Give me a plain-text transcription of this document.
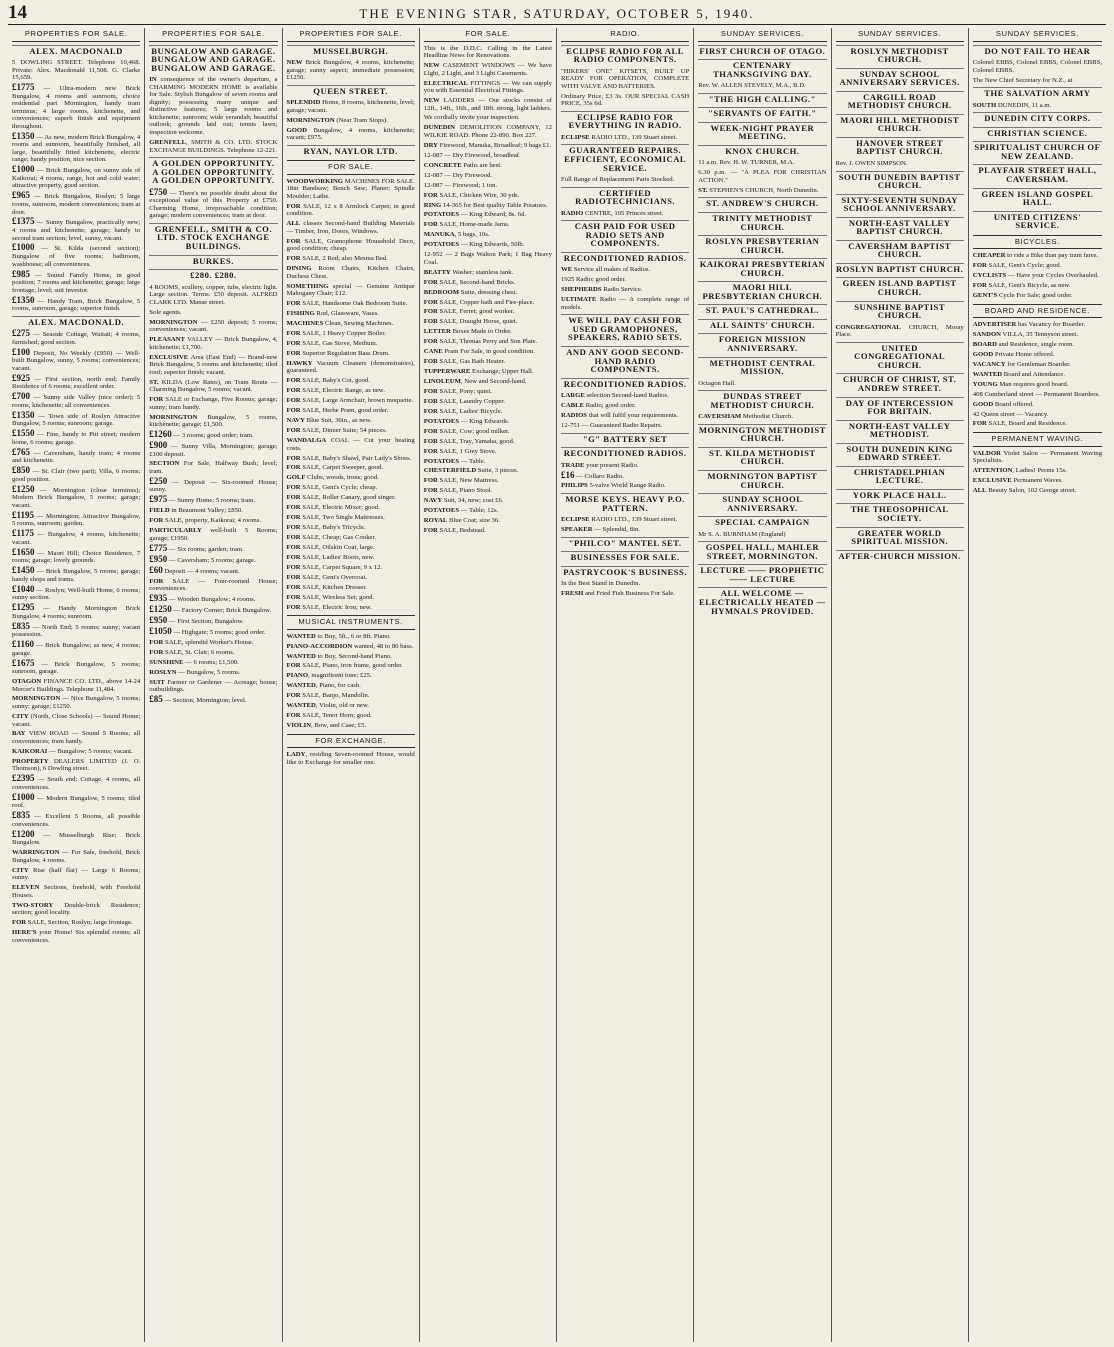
14	THE EVENING STAR, SATURDAY, OCTOBER 5, 1940.
PROPERTIES FOR SALE.

ALEX. MACDONALD

5 DOWLING STREET. Telephone 10,468. Private: Alex. Macdonald 11,508. G. Clarke 15,659.

£1775 — Ultra-modern new Brick Bungalow, 4 rooms and sunroom, choice residential part Mornington, handy tram terminus; 4 large rooms, kitchenette, and conveniences; superb finish and equipment throughout.

£1350 — As new, modern Brick Bungalow, 4 rooms and sunroom, beautifully finished, all large, beautifully fitted kitchenette, electric range; handy position, nice section.

£1000 — Brick Bungalow, on sunny side of Kaikorai; 4 rooms, range, hot and cold water; attractive property, good section.

£965 — Brick Bungalow, Roslyn; 5 large rooms, sunroom, modern conveniences; tram at door.

£1375 — Sunny Bungalow, practically new; 4 rooms and kitchenette; garage; handy to second tram section; level, sunny, vacant.

£1000 — St. Kilda (second section); Bungalow of five rooms; bathroom, washhouse; all conveniences.

£985 — Sound Family Home, in good position; 7 rooms and kitchenette; garage; large frontage; level; suit investor.

£1350 — Handy Tram, Brick Bungalow, 5 rooms, sunroom, garage; superior finish.

ALEX. MACDONALD.

£275 — Seaside Cottage, Waitati; 4 rooms, furnished; good section.

£100 Deposit, No Weekly (£950) — Well-built Bungalow, sunny, 5 rooms; conveniences; vacant.

£925 — First section, north end; Family Residence of 6 rooms; excellent order.

£700 — Sunny side Valley (nice order); 5 rooms, kitchenette; all conveniences.

£1350 — Town side of Roslyn Attractive Bungalow, 5 rooms; sunroom; garage.

£1550 — Fine, handy to Pitt street; modern home, 6 rooms; garage.

£765 — Caversham, handy tram; 4 rooms and kitchenette.

£850 — St. Clair (two part); Villa, 6 rooms; good position.

£1250 — Mornington (close terminus); Modern Brick Bungalow, 5 rooms; garage; vacant.

£1195 — Mornington; Attractive Bungalow, 5 rooms, sunroom; garden.

£1175 — Bungalow, 4 rooms, kitchenette; vacant.

£1650 — Maori Hill; Choice Residence, 7 rooms; garage; lovely grounds.

£1450 — Brick Bungalow, 5 rooms; garage; handy shops and trams.

£1040 — Roslyn; Well-built Home, 6 rooms; sunny section.

£1295 — Handy Mornington Brick Bungalow, 4 rooms; sunroom.

£835 — North End; 5 rooms; sunny; vacant possession.

£1160 — Brick Bungalow; as new, 4 rooms; garage.

£1675 — Brick Bungalow, 5 rooms; sunroom, garage.

OTAGON FINANCE CO. LTD., above 14-24 Mercer's Buildings. Telephone 11,484.

MORNINGTON — Nice Bungalow, 5 rooms; sunny; garage; £1250.

CITY (North, Close Schools) — Sound Home; vacant.

BAY VIEW ROAD — Sound 5 Rooms; all conveniences; tram handy.

KAIKORAI — Bungalow; 5 rooms; vacant.

PROPERTY DEALERS LIMITED (J. O. Thomson), 6 Dowling street.

£2395 — South end; Cottage, 4 rooms, all conveniences.

£1000 — Modern Bungalow, 5 rooms; tiled roof.

£835 — Excellent 5 Rooms, all possible conveniences.

£1200 — Musselburgh Rise; Brick Bungalow.

WARRINGTON — For Sale, freehold, Brick Bungalow, 4 rooms.

CITY Rise (half flat) — Large 6 Rooms; sunny.

ELEVEN Sections, freehold, with Freehold Houses.

TWO-STORY Double-brick Residence; section; good locality.

FOR SALE, Section, Roslyn; large frontage.

HERE'S your Home! Six splendid rooms; all conveniences.

PROPERTIES FOR SALE.

BUNGALOW AND GARAGE. BUNGALOW AND GARAGE. BUNGALOW AND GARAGE.

IN consequence of the owner's departure, a CHARMING MODERN HOME is available for Sale. Stylish Bungalow of seven rooms and dignity; possessing many unique and distinctive features; 5 large rooms and kitchenette; sunroom; wide verandah; beautiful outlook; grounds laid out; tennis lawn; inspection welcome.

GRENFELL, SMITH & CO. LTD. STOCK EXCHANGE BUILDINGS. Telephone 12-221.

A GOLDEN OPPORTUNITY. A GOLDEN OPPORTUNITY. A GOLDEN OPPORTUNITY.

£750 — There's no possible doubt about the exceptional value of this Property at £750. Charming Home, irreproachable condition; garage; modern conveniences; tram at door.

GRENFELL, SMITH & CO. LTD. STOCK EXCHANGE BUILDINGS.

BURKES.

£280. £280.

4 ROOMS, scullery, copper, tubs, electric light. Large section. Terms. £50 deposit. ALFRED CLARK LTD. Manse street.

Sole agents.

MORNINGTON — £250 deposit; 5 rooms; conveniences; vacant.

PLEASANT VALLEY — Brick Bungalow, 4, kitchenette; £1,700.

EXCLUSIVE Area (East End) — Brand-new Brick Bungalow, 5 rooms and kitchenette; tiled roof; superior finish; vacant.

ST. KILDA (Low Rates), on Tram Route — Charming Bungalow, 5 rooms; vacant.

FOR SALE or Exchange, Five Rooms; garage; sunny; tram handy.

MORNINGTON Bungalow, 5 rooms, kitchenette; garage; £1,500.

£1260 — 3 rooms; good order; tram.

£900 — Sunny Villa, Mornington; garage; £100 deposit.

SECTION For Sale, Halfway Bush; level; tram.

£250 — Deposit — Six-roomed House; sunny.

£975 — Sunny Home; 5 rooms; tram.

FIELD in Beaumont Valley; £850.

FOR SALE, property, Kaikorai; 4 rooms.

PARTICULARLY well-built 5 Rooms; garage; £1950.

£775 — Six rooms; garden; tram.

£950 — Caversham; 5 rooms; garage.

£60 Deposit — 4 rooms; vacant.

FOR SALE — Four-roomed House; conveniences.

£935 — Wooden Bungalow; 4 rooms.

£1250 — Factory Corner; Brick Bungalow.

£950 — First Section; Bungalow.

£1050 — Highgate; 5 rooms; good order.

FOR SALE, splendid Worker's House.

FOR SALE, St. Clair; 6 rooms.

SUNSHINE — 6 rooms; £1,500.

ROSLYN — Bungalow, 5 rooms.

SUIT Farmer or Gardener — Acreage; house; outbuildings.

£85 — Section; Mornington; level.

PROPERTIES FOR SALE.

MUSSELBURGH.

NEW Brick Bungalow, 4 rooms, kitchenette; garage; sunny aspect; immediate possession; £1250.

QUEEN STREET.

SPLENDID Home, 8 rooms, kitchenette, level; garage; vacant.

MORNINGTON (Near Tram Stops).

GOOD Bungalow, 4 rooms, kitchenette; vacant; £975.

RYAN, NAYLOR LTD.

FOR SALE.

WOODWORKING MACHINES FOR SALE. 18in Bandsaw; Bench Saw; Planer; Spindle Moulder; Lathe.

FOR SALE, 12 x 8 Armlock Carpet; in good condition.

ALL classes Second-hand Building Materials — Timber, Iron, Doors, Windows.

FOR SALE, Gramophone Household Deco, good condition; cheap.

FOR SALE, 2 Red; also Mesma Bed.

DINING Room Chairs, Kitchen Chairs, Duchess Chest.

SOMETHING special — Genuine Antique Mahogany Chair; £12.

FOR SALE, Handsome Oak Bedroom Suite.

FISHING Rod, Glassware, Vases.

MACHINES Clean, Sewing Machines.

FOR SALE, 1 Heavy Copper Boiler.

FOR SALE, Gas Stove, Medium.

FOR Superior Regulation Bass Drum.

HAWKY Vacuum Cleaners (demonstrators), guaranteed.

FOR SALE, Baby's Cot, good.

FOR SALE, Electric Range, as new.

FOR SALE, Large Armchair, brown moquette.

FOR SALE, Herbe Pram, good order.

NAVY Blue Suit, 36in., as new.

FOR SALE, Dinner Suite; 54 pieces.

WANDALGA COAL — Cut your heating costs.

FOR SALE, Baby's Shawl, Pair Lady's Shoes.

FOR SALE, Carpet Sweeper, good.

GOLF Clubs, woods, irons; good.

FOR SALE, Gent's Cycle; cheap.

FOR SALE, Roller Canary, good singer.

FOR SALE, Electric Mixer; good.

FOR SALE, Two Single Mattresses.

FOR SALE, Baby's Tricycle.

FOR SALE, Cheap; Gas Cooker.

FOR SALE, Oilskin Coat, large.

FOR SALE, Ladies' Boots, new.

FOR SALE, Carpet Square, 9 x 12.

FOR SALE, Gent's Overcoat.

FOR SALE, Kitchen Dresser.

FOR SALE, Wireless Set; good.

FOR SALE, Electric Iron; new.

MUSICAL INSTRUMENTS.

WANTED to Buy, 5ft., 6 or 8ft. Piano.

PIANO-ACCORDION wanted, 48 to 80 bass.

WANTED to Buy, Second-hand Piano.

FOR SALE, Piano, iron frame, good order.

PIANO, magnificent tone; £25.

WANTED, Piano, for cash.

FOR SALE, Banjo, Mandolin.

WANTED, Violin, old or new.

FOR SALE, Tenor Horn; good.

VIOLIN, Bow, and Case; £5.

FOR EXCHANGE.

LADY, residing Seven-roomed House, would like to Exchange for smaller one.

FOR SALE.

This is the D.D.C. Calling in the Latest Headline News for Renovations.

NEW CASEMENT WINDOWS — We have Light, 2 Light, and 3 Light Casements.

ELECTRICAL FITTINGS — We can supply you with Essential Electrical Fittings.

NEW LADDERS — Our stocks consist of 12ft., 14ft., 16ft., and 18ft. strong, light ladders.

We cordially invite your inspection.

DUNEDIN DEMOLITION COMPANY, 12 WILKIE ROAD. Phone 22-890. Box 227.

DRY Firewood, Manuka, Broadleaf; 9 bags £1.

12-087 — Dry Firewood, broadleaf.

CONCRETE Paths are best.

12-087 — Dry Firewood.

12-087 — Firewood; 1 ton.

FOR SALE, Chicken Wire, 30 yds.

RING 14-365 for Best quality Table Potatoes.

POTATOES — King Edward; 8s. 6d.

FOR SALE, Home-made Jams.

MANUKA, 5 bags, 10s.

POTATOES — King Edwards, 50lb.

12-952 — 2 Bags Walton Park; 1 Bag Heavy Coal.

BEATTY Washer; stainless tank.

FOR SALE, Second-hand Bricks.

BEDROOM Suite, dressing chest.

FOR SALE, Copper bath and Fire-place.

FOR SALE, Ferret; good worker.

FOR SALE, Draught Horse, quiet.

LETTER Boxes Made to Order.

FOR SALE, Thomas Perry and Son Plate.

CANE Pram For Sale, in good condition.

FOR SALE, Gas Bath Heater.

TUPPERWARE Exchange; Upper Hall.

LINOLEUM, New and Second-hand.

FOR SALE, Pony; quiet.

FOR SALE, Laundry Copper.

FOR SALE, Ladies' Bicycle.

POTATOES — King Edwards.

FOR SALE, Cow; good milker.

FOR SALE, Tray, Yamaha, good.

FOR SALE, 1 Grey Stove.

POTATOES — Table.

CHESTERFIELD Suite, 3 pieces.

FOR SALE, New Mattress.

FOR SALE, Piano Stool.

NAVY Suit, 34, new; cost £6.

POTATOES — Table; 12s.

ROYAL Blue Coat; size 36.

FOR SALE, Bedstead.

RADIO.

ECLIPSE RADIO FOR ALL RADIO COMPONENTS.

"HIKERS' ONE" KITSETS, BUILT UP READY FOR OPERATION, COMPLETE WITH VALVE AND BATTERIES.

Ordinary Price, £3 3s. OUR SPECIAL CASH PRICE, 35s 6d.

ECLIPSE RADIO FOR EVERYTHING IN RADIO.

ECLIPSE RADIO LTD., 139 Stuart street.

GUARANTEED REPAIRS. EFFICIENT, ECONOMICAL SERVICE.

Full Range of Replacement Parts Stocked.

CERTIFIED RADIOTECHNICIANS.

RADIO CENTRE, 105 Princes street.

CASH PAID FOR USED RADIO SETS AND COMPONENTS.

RECONDITIONED RADIOS.

WE Service all makes of Radios.

1925 Radio; good order.

SHEPHERDS Radio Service.

ULTIMATE Radio — A complete range of models.

WE WILL PAY CASH FOR USED GRAMOPHONES, SPEAKERS, RADIO SETS.

AND ANY GOOD SECOND-HAND RADIO COMPONENTS.

RECONDITIONED RADIOS.

LARGE selection Second-hand Radios.

CABLE Radio; good order.

RADIOS that will fulfil your requirements.

12-751 — Guaranteed Radio Repairs.

"G" BATTERY SET

RECONDITIONED RADIOS.

TRADE your present Radio.

£16 — Collaro Radio.

PHILIPS 5-valve World Range Radio.

MORSE KEYS. HEAVY P.O. PATTERN.

ECLIPSE RADIO LTD., 139 Stuart street.

SPEAKER — Splendid, 8in.

"PHILCO" MANTEL SET.

BUSINESSES FOR SALE.

PASTRYCOOK'S BUSINESS.

In the Best Stand in Dunedin.

FRESH and Fried Fish Business For Sale.

SUNDAY SERVICES.

FIRST CHURCH OF OTAGO.

CENTENARY THANKSGIVING DAY.

Rev. W. ALLEN STEVELY, M.A., B.D.

"THE HIGH CALLING."

"SERVANTS OF FAITH."

WEEK-NIGHT PRAYER MEETING.

KNOX CHURCH.

11 a.m. Rev. H. W. TURNER, M.A.

6.30 p.m. — "A PLEA FOR CHRISTIAN ACTION."

ST. STEPHEN'S CHURCH, North Dunedin.

ST. ANDREW'S CHURCH.

TRINITY METHODIST CHURCH.

ROSLYN PRESBYTERIAN CHURCH.

KAIKORAI PRESBYTERIAN CHURCH.

MAORI HILL PRESBYTERIAN CHURCH.

ST. PAUL'S CATHEDRAL.

ALL SAINTS' CHURCH.

FOREIGN MISSION ANNIVERSARY.

METHODIST CENTRAL MISSION.

Octagon Hall.

DUNDAS STREET METHODIST CHURCH.

CAVERSHAM Methodist Church.

MORNINGTON METHODIST CHURCH.

ST. KILDA METHODIST CHURCH.

MORNINGTON BAPTIST CHURCH.

SUNDAY SCHOOL ANNIVERSARY.

SPECIAL CAMPAIGN

Mr S. A. BURNHAM (England)

GOSPEL HALL, MAHLER STREET, MORNINGTON.

LECTURE —— PROPHETIC —— LECTURE

ALL WELCOME — ELECTRICALLY HEATED — HYMNALS PROVIDED.

SUNDAY SERVICES.

ROSLYN METHODIST CHURCH.

SUNDAY SCHOOL ANNIVERSARY SERVICES.

CARGILL ROAD METHODIST CHURCH.

MAORI HILL METHODIST CHURCH.

HANOVER STREET BAPTIST CHURCH.

Rev. J. OWEN SIMPSON.

SOUTH DUNEDIN BAPTIST CHURCH.

SIXTY-SEVENTH SUNDAY SCHOOL ANNIVERSARY.

NORTH-EAST VALLEY BAPTIST CHURCH.

CAVERSHAM BAPTIST CHURCH.

ROSLYN BAPTIST CHURCH.

GREEN ISLAND BAPTIST CHURCH.

SUNSHINE BAPTIST CHURCH.

CONGREGATIONAL CHURCH, Moray Place.

UNITED CONGREGATIONAL CHURCH.

CHURCH OF CHRIST, ST. ANDREW STREET.

DAY OF INTERCESSION FOR BRITAIN.

NORTH-EAST VALLEY METHODIST.

SOUTH DUNEDIN KING EDWARD STREET.

CHRISTADELPHIAN LECTURE.

YORK PLACE HALL.

THE THEOSOPHICAL SOCIETY.

GREATER WORLD SPIRITUAL MISSION.

AFTER-CHURCH MISSION.

SUNDAY SERVICES.

DO NOT FAIL TO HEAR

Colonel EBBS, Colonel EBBS, Colonel EBBS, Colonel EBBS.

The New Chief Secretary for N.Z., at

THE SALVATION ARMY

SOUTH DUNEDIN, 11 a.m.

DUNEDIN CITY CORPS.

CHRISTIAN SCIENCE.

SPIRITUALIST CHURCH OF NEW ZEALAND.

PLAYFAIR STREET HALL, CAVERSHAM.

GREEN ISLAND GOSPEL HALL.

UNITED CITIZENS' SERVICE.

BICYCLES.

CHEAPER to ride a Bike than pay tram fares.

FOR SALE, Gent's Cycle; good.

CYCLISTS — Have your Cycles Overhauled.

FOR SALE, Gent's Bicycle, as new.

GENT'S Cycle For Sale; good order.

BOARD AND RESIDENCE.

ADVERTISER has Vacancy for Boarder.

SANDON VILLA, 35 Tennyson street.

BOARD and Residence, single room.

GOOD Private Home offered.

VACANCY for Gentleman Boarder.

WANTED Board and Attendance.

YOUNG Man requires good board.

408 Cumberland street — Permanent Boarders.

GOOD Board offered.

42 Queen street — Vacancy.

FOR SALE, Board and Residence.

PERMANENT WAVING.

VALDOR Violet Salon — Permanent Waving Specialists.

ATTENTION, Ladies! Perms 15s.

EXCLUSIVE Permanent Waves.

ALL Beauty Salon, 102 George street.
